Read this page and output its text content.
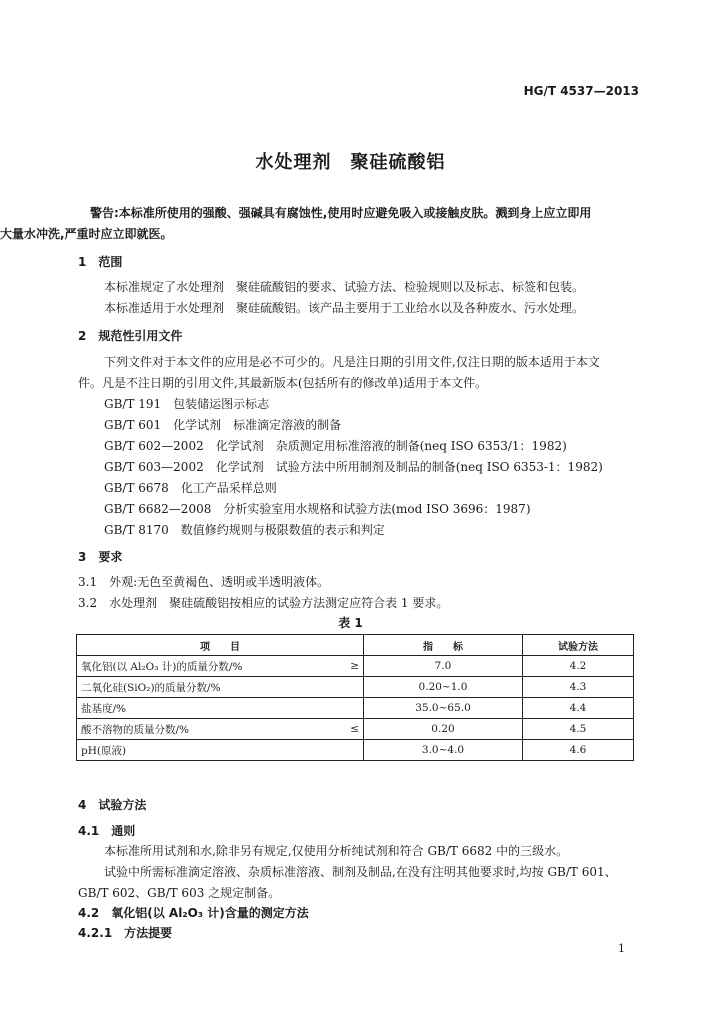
HG/T 4537—2013
水处理剂　聚硅硫酸铝
警告:本标准所使用的强酸、强碱具有腐蚀性,使用时应避免吸入或接触皮肤。溅到身上应立即用
大量水冲洗,严重时应立即就医。
1　范围
本标准规定了水处理剂　聚硅硫酸铝的要求、试验方法、检验规则以及标志、标签和包装。
本标准适用于水处理剂　聚硅硫酸铝。该产品主要用于工业给水以及各种废水、污水处理。
2　规范性引用文件
下列文件对于本文件的应用是必不可少的。凡是注日期的引用文件,仅注日期的版本适用于本文
件。凡是不注日期的引用文件,其最新版本(包括所有的修改单)适用于本文件。
GB/T 191　包装储运图示标志
GB/T 601　化学试剂　标准滴定溶液的制备
GB/T 602—2002　化学试剂　杂质测定用标准溶液的制备(neq ISO 6353/1：1982)
GB/T 603—2002　化学试剂　试验方法中所用制剂及制品的制备(neq ISO 6353-1：1982)
GB/T 6678　化工产品采样总则
GB/T 6682—2008　分析实验室用水规格和试验方法(mod ISO 3696：1987)
GB/T 8170　数值修约规则与极限数值的表示和判定
3　要求
3.1　外观:无色至黄褐色、透明或半透明液体。
3.2　水处理剂　聚硅硫酸铝按相应的试验方法测定应符合表 1 要求。
表 1
项　　目		指　　标	试验方法
氧化铝(以 Al₂O₃ 计)的质量分数/%	≥	7.0	4.2
二氧化硅(SiO₂)的质量分数/%		0.20~1.0	4.3
盐基度/%		35.0~65.0	4.4
酸不溶物的质量分数/%	≤	0.20	4.5
pH(原液)		3.0~4.0	4.6
4　试验方法
4.1　通则
本标准所用试剂和水,除非另有规定,仅使用分析纯试剂和符合 GB/T 6682 中的三级水。
试验中所需标准滴定溶液、杂质标准溶液、制剂及制品,在没有注明其他要求时,均按 GB/T 601、
GB/T 602、GB/T 603 之规定制备。
4.2　氧化铝(以 Al₂O₃ 计)含量的测定方法
4.2.1　方法提要
1
